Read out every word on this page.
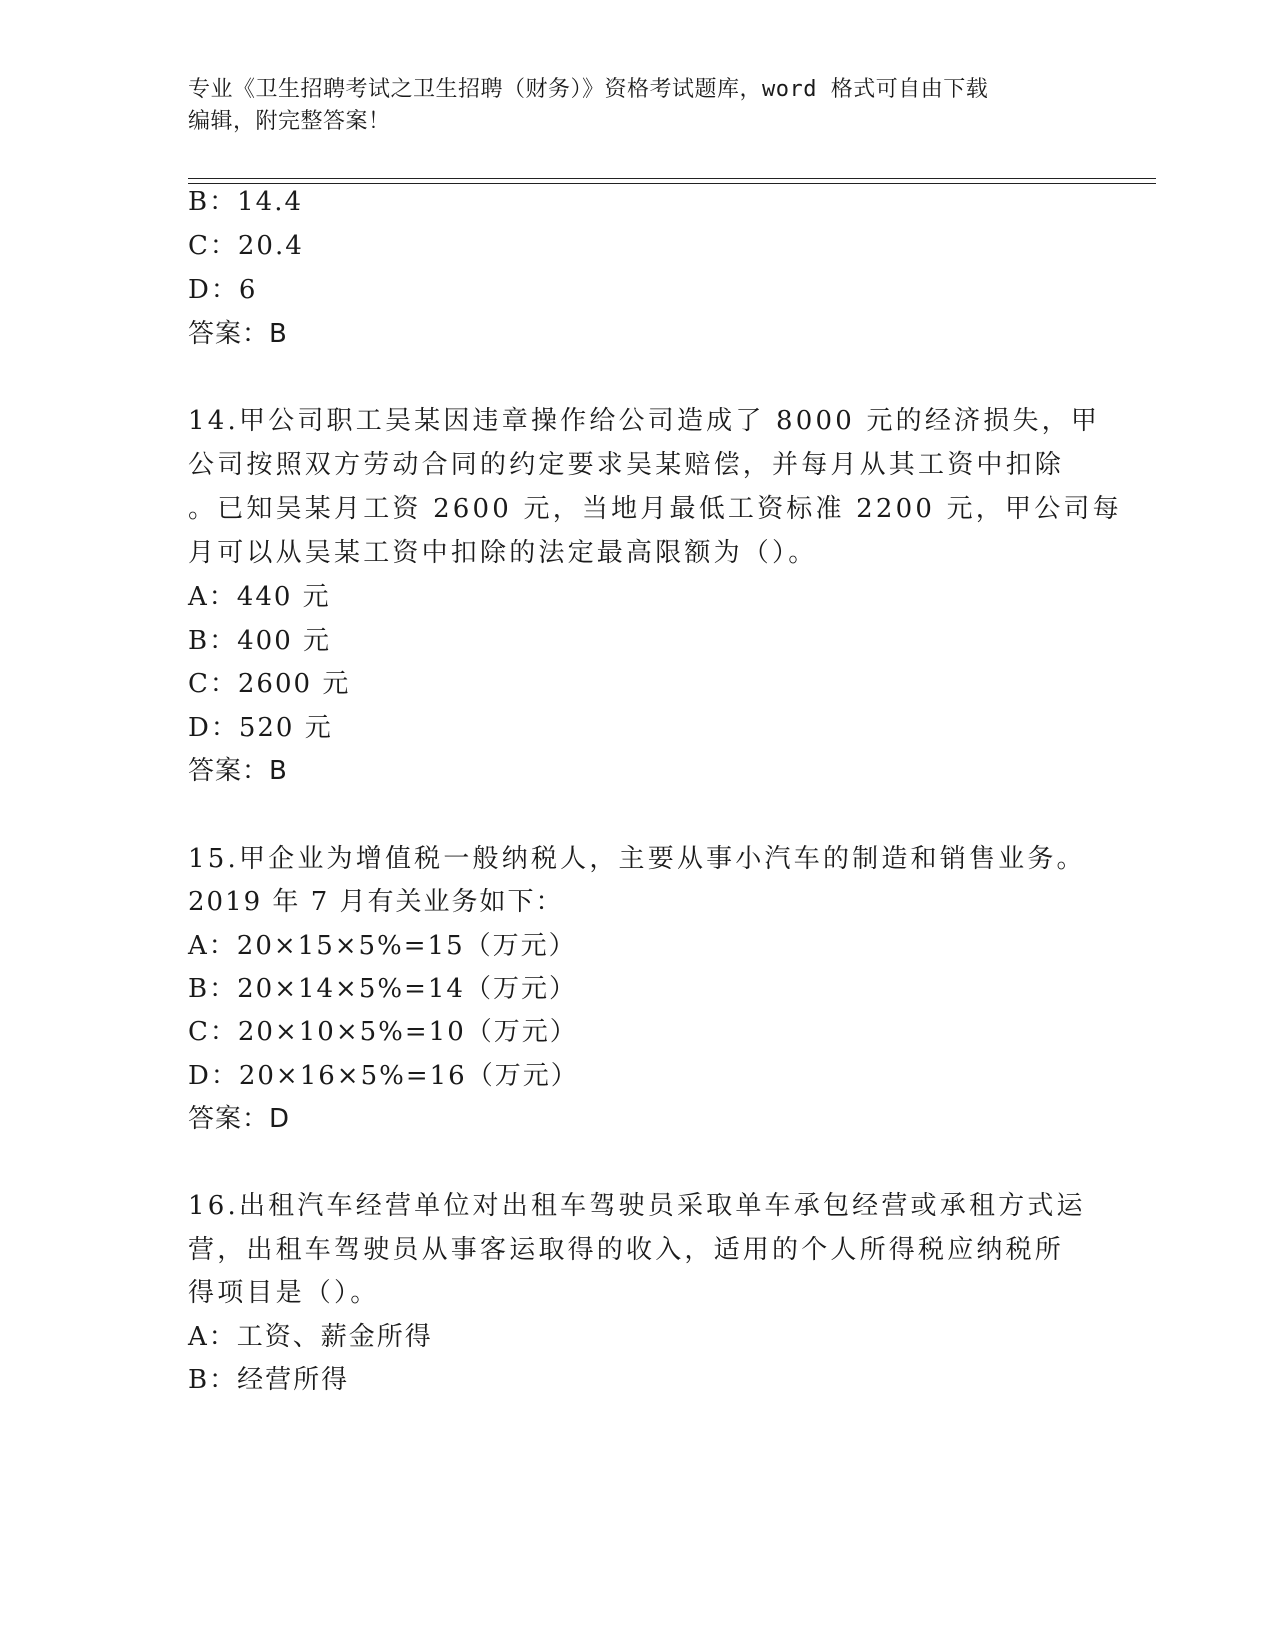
专业《卫生招聘考试之卫生招聘（财务）》资格考试题库，word 格式可自由下载
编辑，附完整答案！
B：14.4
C：20.4
D：6
答案：B
14.甲公司职工吴某因违章操作给公司造成了 8000 元的经济损失，甲
公司按照双方劳动合同的约定要求吴某赔偿，并每月从其工资中扣除
。已知吴某月工资 2600 元，当地月最低工资标准 2200 元，甲公司每
月可以从吴某工资中扣除的法定最高限额为（）。
A：440 元
B：400 元
C：2600 元
D：520 元
答案：B
15.甲企业为增值税一般纳税人，主要从事小汽车的制造和销售业务。
2019 年 7 月有关业务如下：
A：20×15×5%=15（万元）
B：20×14×5%=14（万元）
C：20×10×5%=10（万元）
D：20×16×5%=16（万元）
答案：D
16.出租汽车经营单位对出租车驾驶员采取单车承包经营或承租方式运
营，出租车驾驶员从事客运取得的收入，适用的个人所得税应纳税所
得项目是（）。
A：工资、薪金所得
B：经营所得
